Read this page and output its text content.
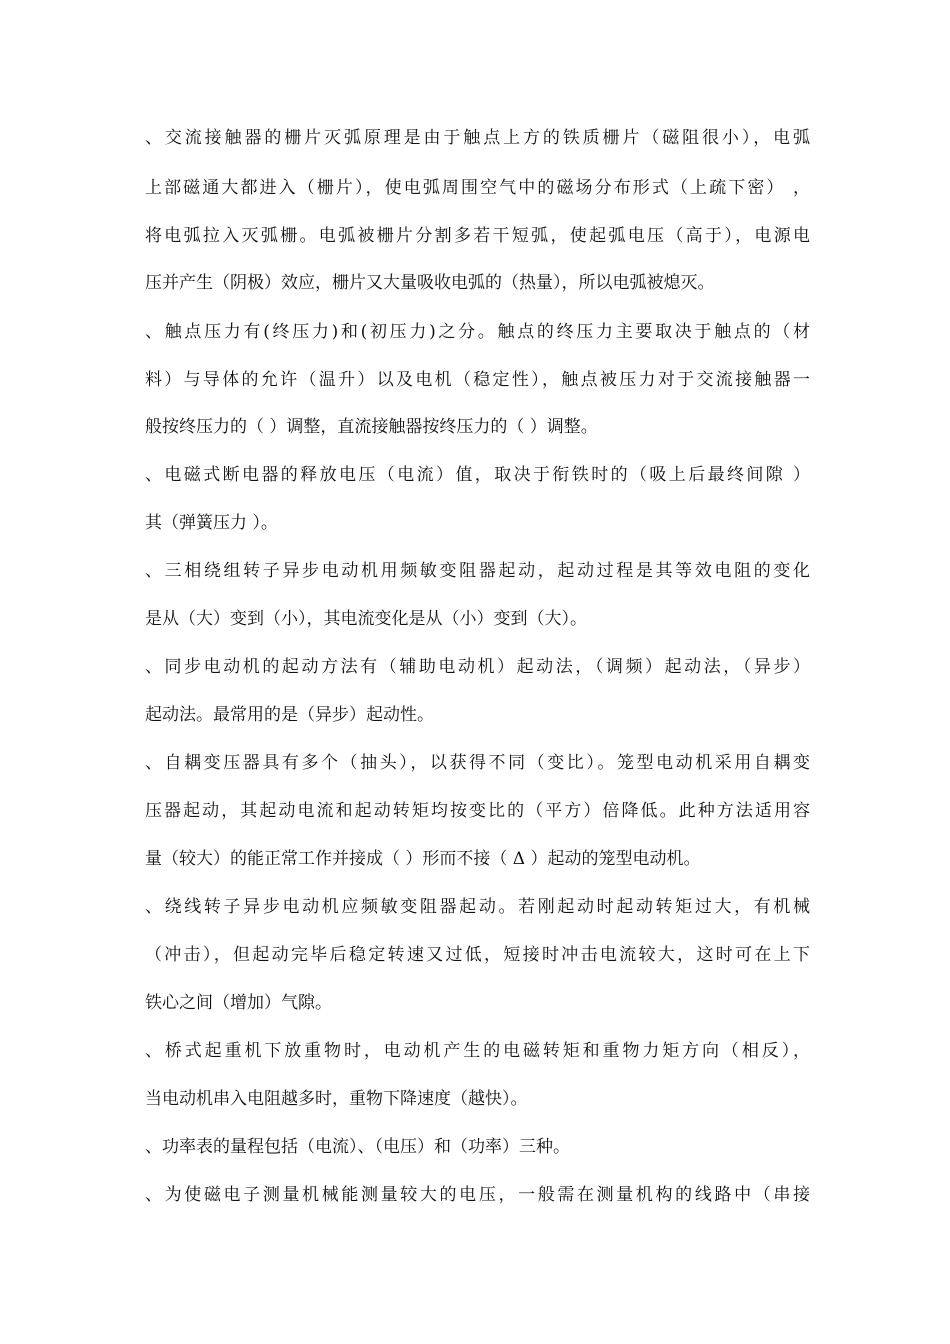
、交流接触器的栅片灭弧原理是由于触点上方的铁质栅片（磁阻很小），电弧
上部磁通大都进入（栅片），使电弧周围空气中的磁场分布形式（上疏下密） ，
将电弧拉入灭弧栅。电弧被栅片分割多若干短弧，使起弧电压（高于），电源电
压并产生（阴极）效应，栅片又大量吸收电弧的（热量），所以电弧被熄灭。
、触点压力有(终压力)和(初压力)之分。触点的终压力主要取决于触点的（材
料）与导体的允许（温升）以及电机（稳定性），触点被压力对于交流接触器一
般按终压力的（ ）调整，直流接触器按终压力的（ ）调整。
、电磁式断电器的释放电压（电流）值，取决于衔铁时的（吸上后最终间隙 ）
其（弹簧压力 ）。
、三相绕组转子异步电动机用频敏变阻器起动，起动过程是其等效电阻的变化
是从（大）变到（小），其电流变化是从（小）变到（大）。
、同步电动机的起动方法有（辅助电动机）起动法，（调频）起动法，（异步）
起动法。最常用的是（异步）起动性。
、自耦变压器具有多个（抽头），以获得不同（变比）。笼型电动机采用自耦变
压器起动，其起动电流和起动转矩均按变比的（平方）倍降低。此种方法适用容
量（较大）的能正常工作并接成（ ）形而不接（ Δ ）起动的笼型电动机。
、绕线转子异步电动机应频敏变阻器起动。若刚起动时起动转矩过大，有机械
（冲击），但起动完毕后稳定转速又过低，短接时冲击电流较大，这时可在上下
铁心之间（增加）气隙。
、桥式起重机下放重物时，电动机产生的电磁转矩和重物力矩方向（相反），
当电动机串入电阻越多时，重物下降速度（越快）。
、功率表的量程包括（电流）、（电压）和（功率）三种。
、为使磁电子测量机械能测量较大的电压，一般需在测量机构的线路中（串接
